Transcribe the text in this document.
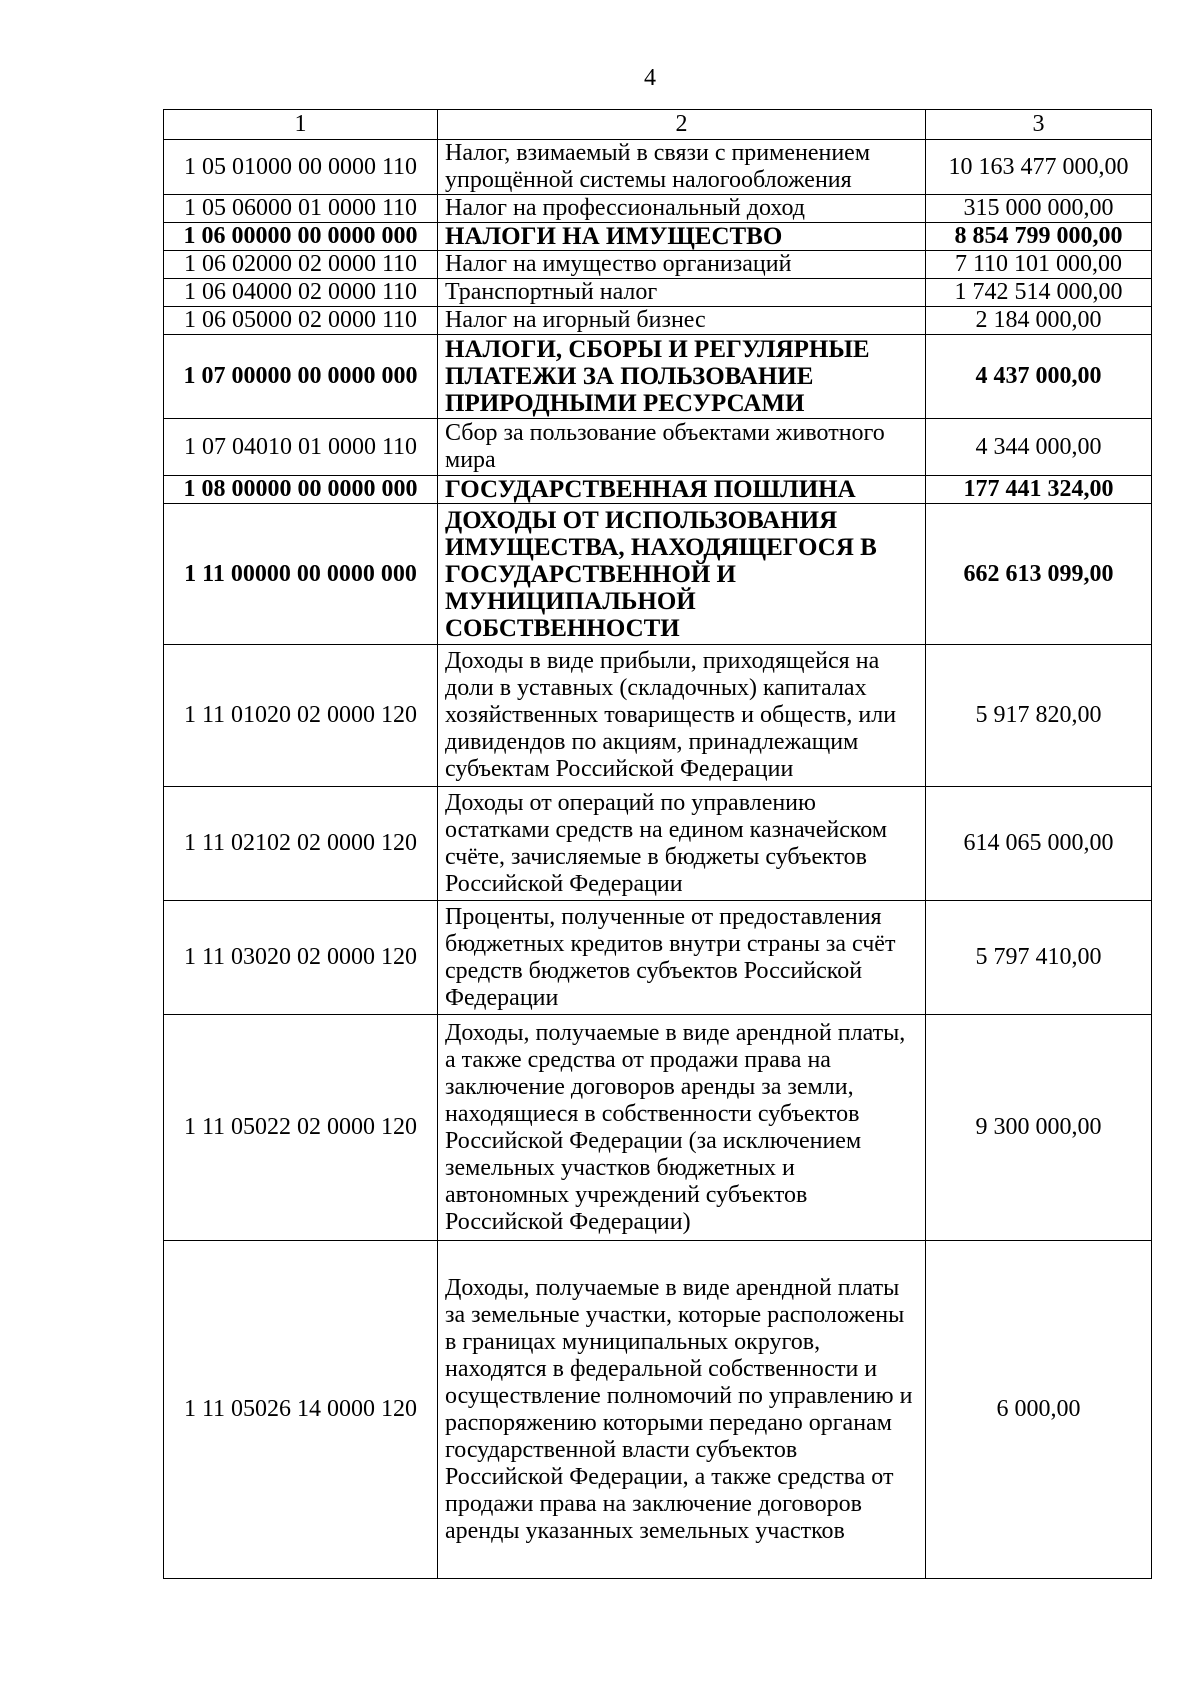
4
1	2	3
1 05 01000 00 0000 110	Налог, взимаемый в связи с применением упрощённой системы налогообложения	10 163 477 000,00
1 05 06000 01 0000 110	Налог на профессиональный доход	315 000 000,00
1 06 00000 00 0000 000	НАЛОГИ НА ИМУЩЕСТВО	8 854 799 000,00
1 06 02000 02 0000 110	Налог на имущество организаций	7 110 101 000,00
1 06 04000 02 0000 110	Транспортный налог	1 742 514 000,00
1 06 05000 02 0000 110	Налог на игорный бизнес	2 184 000,00
1 07 00000 00 0000 000	НАЛОГИ, СБОРЫ И РЕГУЛЯРНЫЕ ПЛАТЕЖИ ЗА ПОЛЬЗОВАНИЕ ПРИРОДНЫМИ РЕСУРСАМИ	4 437 000,00
1 07 04010 01 0000 110	Сбор за пользование объектами животного мира	4 344 000,00
1 08 00000 00 0000 000	ГОСУДАРСТВЕННАЯ ПОШЛИНА	177 441 324,00
1 11 00000 00 0000 000	ДОХОДЫ ОТ ИСПОЛЬЗОВАНИЯ ИМУЩЕСТВА, НАХОДЯЩЕГОСЯ В ГОСУДАРСТВЕННОЙ И МУНИЦИПАЛЬНОЙ СОБСТВЕННОСТИ	662 613 099,00
1 11 01020 02 0000 120	Доходы в виде прибыли, приходящейся на доли в уставных (складочных) капиталах хозяйственных товариществ и обществ, или дивидендов по акциям, принадлежащим субъектам Российской Федерации	5 917 820,00
1 11 02102 02 0000 120	Доходы от операций по управлению остатками средств на едином казначейском счёте, зачисляемые в бюджеты субъектов Российской Федерации	614 065 000,00
1 11 03020 02 0000 120	Проценты, полученные от предоставления бюджетных кредитов внутри страны за счёт средств бюджетов субъектов Российской Федерации	5 797 410,00
1 11 05022 02 0000 120	Доходы, получаемые в виде арендной платы, а также средства от продажи права на заключение договоров аренды за земли, находящиеся в собственности субъектов Российской Федерации (за исключением земельных участков бюджетных и автономных учреждений субъектов Российской Федерации)	9 300 000,00
1 11 05026 14 0000 120	Доходы, получаемые в виде арендной платы за земельные участки, которые расположены в границах муниципальных округов, находятся в федеральной собственности и осуществление полномочий по управлению и распоряжению которыми передано органам государственной власти субъектов Российской Федерации, а также средства от продажи права на заключение договоров аренды указанных земельных участков	6 000,00
